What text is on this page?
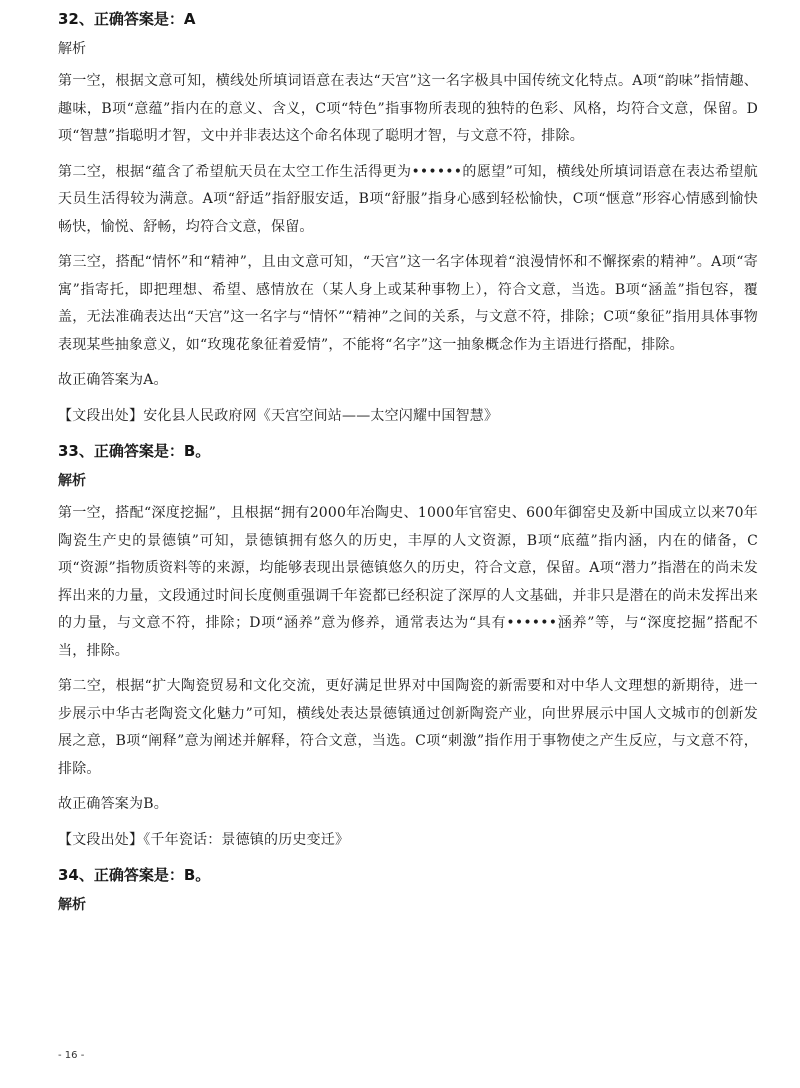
32、正确答案是：A
解析

第一空，根据文意可知，横线处所填词语意在表达“天宫”这一名字极具中国传统文化特点。A项“韵味”指情趣、趣味，B项“意蕴”指内在的意义、含义，C项“特色”指事物所表现的独特的色彩、风格，均符合文意，保留。D项“智慧”指聪明才智，文中并非表达这个命名体现了聪明才智，与文意不符，排除。

第二空，根据“蕴含了希望航天员在太空工作生活得更为••••••的愿望”可知，横线处所填词语意在表达希望航天员生活得较为满意。A项“舒适”指舒服安适，B项“舒服”指身心感到轻松愉快，C项“惬意”形容心情感到愉快畅快，愉悦、舒畅，均符合文意，保留。

第三空，搭配“情怀”和“精神”，且由文意可知，“天宫”这一名字体现着“浪漫情怀和不懈探索的精神”。A项“寄寓”指寄托，即把理想、希望、感情放在（某人身上或某种事物上），符合文意，当选。B项“涵盖”指包容，覆盖，无法准确表达出“天宫”这一名字与“情怀”“精神”之间的关系，与文意不符，排除；C项“象征”指用具体事物表现某些抽象意义，如“玫瑰花象征着爱情”，不能将“名字”这一抽象概念作为主语进行搭配，排除。

故正确答案为A。

【文段出处】安化县人民政府网《天宫空间站——太空闪耀中国智慧》

33、正确答案是：B。
解析

第一空，搭配“深度挖掘”，且根据“拥有2000年冶陶史、1000年官窑史、600年御窑史及新中国成立以来70年陶瓷生产史的景德镇”可知，景德镇拥有悠久的历史，丰厚的人文资源，B项“底蕴”指内涵，内在的储备，C项“资源”指物质资料等的来源，均能够表现出景德镇悠久的历史，符合文意，保留。A项“潜力”指潜在的尚未发挥出来的力量，文段通过时间长度侧重强调千年瓷都已经积淀了深厚的人文基础，并非只是潜在的尚未发挥出来的力量，与文意不符，排除；D项“涵养”意为修养，通常表达为“具有••••••涵养”等，与“深度挖掘”搭配不当，排除。

第二空，根据“扩大陶瓷贸易和文化交流，更好满足世界对中国陶瓷的新需要和对中华人文理想的新期待，进一步展示中华古老陶瓷文化魅力”可知，横线处表达景德镇通过创新陶瓷产业，向世界展示中国人文城市的创新发展之意，B项“阐释”意为阐述并解释，符合文意，当选。C项“刺激”指作用于事物使之产生反应，与文意不符，排除。

故正确答案为B。

【文段出处】《千年瓷话：景德镇的历史变迁》

34、正确答案是：B。
解析
- 16 -
